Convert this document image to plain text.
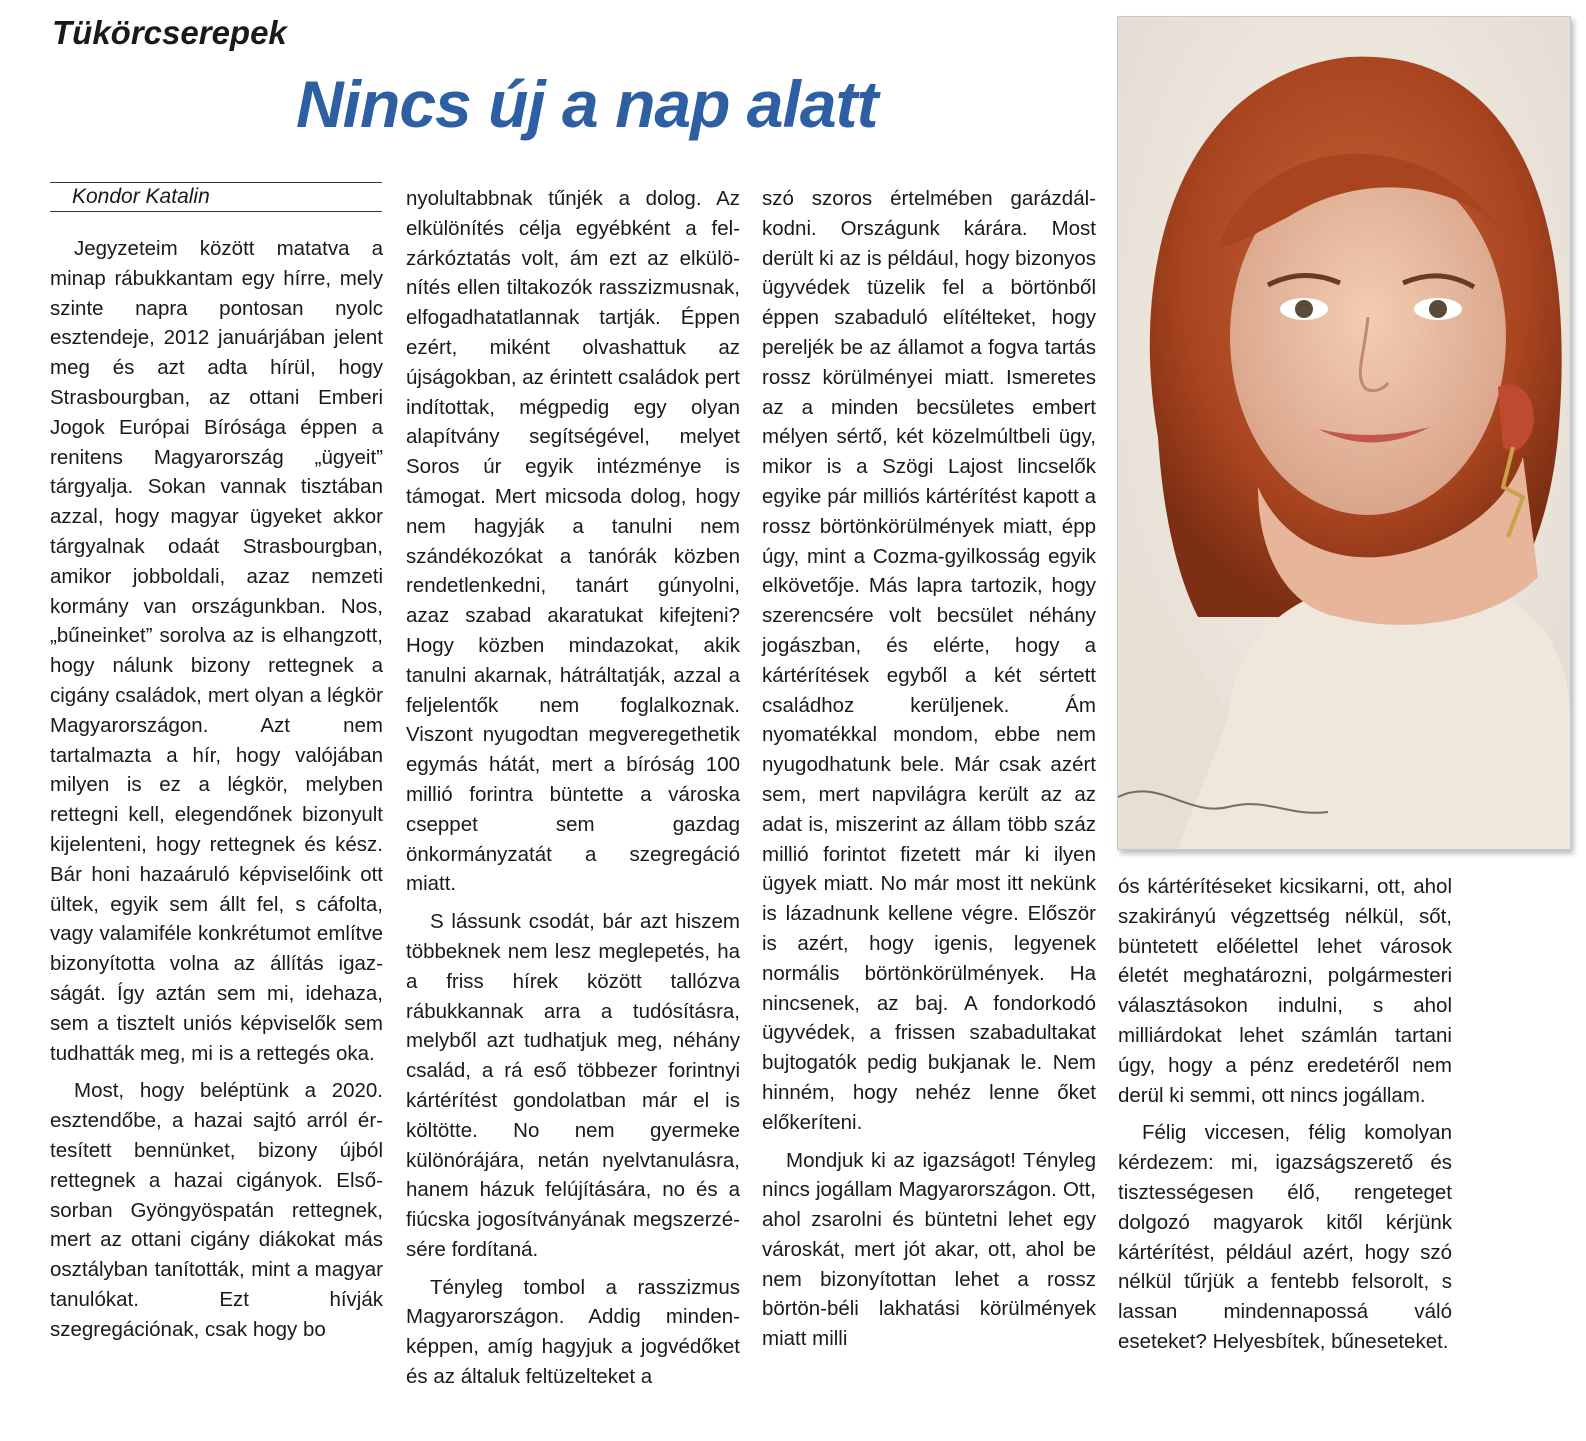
Tükörcserepek
Nincs új a nap alatt
Kondor Katalin

Jegyzeteim között matatva a minap rábukkantam egy hírre, mely szinte napra pontosan nyolc esztendeje, 2012 januárjában jelent meg és azt adta hírül, hogy Strasbourgban, az ottani Emberi Jogok Európai Bírósága éppen a renitens Magyarország „ügyeit” tárgyalja. Sokan vannak tisztában azzal, hogy magyar ügyeket akkor tárgyalnak odaát Strasbourgban, amikor jobboldali, azaz nemzeti kormány van országunkban. Nos, „bűneinket” sorolva az is elhangzott, hogy nálunk bizony rettegnek a cigány családok, mert olyan a légkör Magyarországon. Azt nem tartalmazta a hír, hogy valójában milyen is ez a légkör, melyben rettegni kell, elegendőnek bizonyult kijelenteni, hogy rettegnek és kész. Bár honi hazaáruló képviselőink ott ültek, egyik sem állt fel, s cáfolta, vagy valamiféle konkrétumot említve bizonyította volna az állítás igazságát. Így aztán sem mi, idehaza, sem a tisztelt uniós képviselők sem tudhatták meg, mi is a rettegés oka.

Most, hogy beléptünk a 2020. esztendőbe, a hazai sajtó arról értesített bennünket, bizony újból rettegnek a hazai cigányok. Elsősorban Gyöngyöspatán rettegnek, mert az ottani cigány diákokat más osztályban tanították, mint a magyar tanulókat. Ezt hívják szegregációnak, csak hogy bo

nyolultabbnak tűnjék a dolog. Az elkülönítés célja egyébként a felzárkóztatás volt, ám ezt az elkülönítés ellen tiltakozók rasszizmusnak, elfogadhatatlannak tartják. Éppen ezért, miként olvashattuk az újságokban, az érintett családok pert indítottak, mégpedig egy olyan alapítvány segítségével, melyet Soros úr egyik intézménye is támogat. Mert micsoda dolog, hogy nem hagyják a tanulni nem szándékozókat a tanórák közben rendetlenkedni, tanárt gúnyolni, azaz szabad akaratukat kifejteni? Hogy közben mindazokat, akik tanulni akarnak, hátráltatják, azzal a feljelentők nem foglalkoznak. Viszont nyugodtan megveregethetik egymás hátát, mert a bíróság 100 millió forintra büntette a városka cseppet sem gazdag önkormányzatát a szegregáció miatt.

S lássunk csodát, bár azt hiszem többeknek nem lesz meglepetés, ha a friss hírek között tallózva rábukkannak arra a tudósításra, melyből azt tudhatjuk meg, néhány család, a rá eső többezer forintnyi kártérítést gondolatban már el is költötte. No nem gyermeke különórájára, netán nyelvtanulásra, hanem házuk felújítására, no és a fiúcska jogosítványának megszerzésére fordítaná.

Tényleg tombol a rasszizmus Magyarországon. Addig mindenképpen, amíg hagyjuk a jogvédőket és az általuk feltüzelteket a

szó szoros értelmében garázdálkodni. Országunk kárára. Most derült ki az is például, hogy bizonyos ügyvédek tüzelik fel a börtönből éppen szabaduló elítélteket, hogy pereljék be az államot a fogva tartás rossz körülményei miatt. Ismeretes az a minden becsületes embert mélyen sértő, két közelmúltbeli ügy, mikor is a Szögi Lajost lincselők egyike pár milliós kártérítést kapott a rossz börtönkörülmények miatt, épp úgy, mint a Cozma-gyilkosság egyik elkövetője. Más lapra tartozik, hogy szerencsére volt becsület néhány jogászban, és elérte, hogy a kártérítések egyből a két sértett családhoz kerüljenek. Ám nyomatékkal mondom, ebbe nem nyugodhatunk bele. Már csak azért sem, mert napvilágra került az az adat is, miszerint az állam több száz millió forintot fizetett már ki ilyen ügyek miatt. No már most itt nekünk is lázadnunk kellene végre. Először is azért, hogy igenis, legyenek normális börtönkörülmények. Ha nincsenek, az baj. A fondorkodó ügyvédek, a frissen szabadultakat bujtogatók pedig bukjanak le. Nem hinném, hogy nehéz lenne őket előkeríteni.

Mondjuk ki az igazságot! Tényleg nincs jogállam Magyarországon. Ott, ahol zsarolni és büntetni lehet egy városkát, mert jót akar, ott, ahol be nem bizonyítottan lehet a rossz börtön-béli lakhatási körülmények miatt milli

ós kártérítéseket kicsikarni, ott, ahol szakirányú végzettség nélkül, sőt, büntetett előélettel lehet városok életét meghatározni, polgármesteri választásokon indulni, s ahol milliárdokat lehet számlán tartani úgy, hogy a pénz eredetéről nem derül ki semmi, ott nincs jogállam.

Félig viccesen, félig komolyan kérdezem: mi, igazságszerető és tisztességesen élő, rengeteget dolgozó magyarok kitől kérjünk kártérítést, például azért, hogy szó nélkül tűrjük a fentebb felsorolt, s lassan mindennapossá váló eseteket? Helyesbítek, bűneseteket.
